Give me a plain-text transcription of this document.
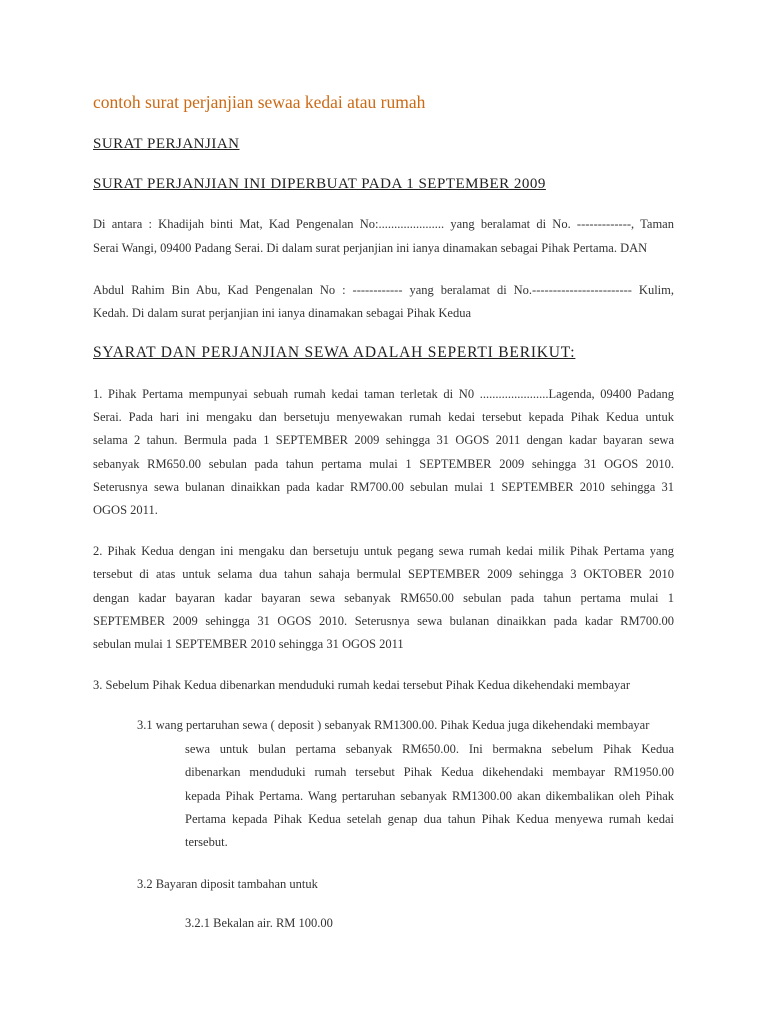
contoh surat perjanjian sewaa kedai atau rumah
SURAT PERJANJIAN
SURAT PERJANJIAN INI DIPERBUAT PADA 1 SEPTEMBER 2009

Di antara : Khadijah binti Mat, Kad Pengenalan No:..................... yang beralamat di No. -------------, Taman

Serai Wangi, 09400 Padang Serai. Di dalam surat perjanjian ini ianya dinamakan sebagai Pihak Pertama. DAN

Abdul Rahim Bin Abu, Kad Pengenalan No : ------------ yang beralamat di No.------------------------ Kulim,

Kedah. Di dalam surat perjanjian ini ianya dinamakan sebagai Pihak Kedua

SYARAT DAN PERJANJIAN SEWA ADALAH SEPERTI BERIKUT:

1. Pihak Pertama mempunyai sebuah rumah kedai taman terletak di N0 ......................Lagenda, 09400 Padang

Serai. Pada hari ini mengaku dan bersetuju menyewakan rumah kedai tersebut kepada Pihak Kedua untuk

selama 2 tahun. Bermula pada 1 SEPTEMBER 2009 sehingga 31 OGOS 2011 dengan kadar bayaran sewa

sebanyak RM650.00 sebulan pada tahun pertama mulai 1 SEPTEMBER 2009 sehingga 31 OGOS 2010.

Seterusnya sewa bulanan dinaikkan pada kadar RM700.00 sebulan mulai 1 SEPTEMBER 2010 sehingga 31

OGOS 2011.

2. Pihak Kedua dengan ini mengaku dan bersetuju untuk pegang sewa rumah kedai milik Pihak Pertama yang

tersebut di atas untuk selama dua tahun sahaja bermulal SEPTEMBER 2009 sehingga 3 OKTOBER 2010

dengan kadar bayaran kadar bayaran sewa sebanyak RM650.00 sebulan pada tahun pertama mulai 1

SEPTEMBER 2009 sehingga 31 OGOS 2010. Seterusnya sewa bulanan dinaikkan pada kadar RM700.00

sebulan mulai 1 SEPTEMBER 2010 sehingga 31 OGOS 2011

3. Sebelum Pihak Kedua dibenarkan menduduki rumah kedai tersebut Pihak Kedua dikehendaki membayar

3.1 wang pertaruhan sewa ( deposit ) sebanyak RM1300.00. Pihak Kedua juga dikehendaki membayar

sewa untuk bulan pertama sebanyak RM650.00. Ini bermakna sebelum Pihak Kedua

dibenarkan menduduki rumah tersebut Pihak Kedua dikehendaki membayar RM1950.00

kepada Pihak Pertama. Wang pertaruhan sebanyak RM1300.00 akan dikembalikan oleh Pihak

Pertama kepada Pihak Kedua setelah genap dua tahun Pihak Kedua menyewa rumah kedai

tersebut.

3.2 Bayaran diposit tambahan untuk

3.2.1 Bekalan air. RM 100.00
